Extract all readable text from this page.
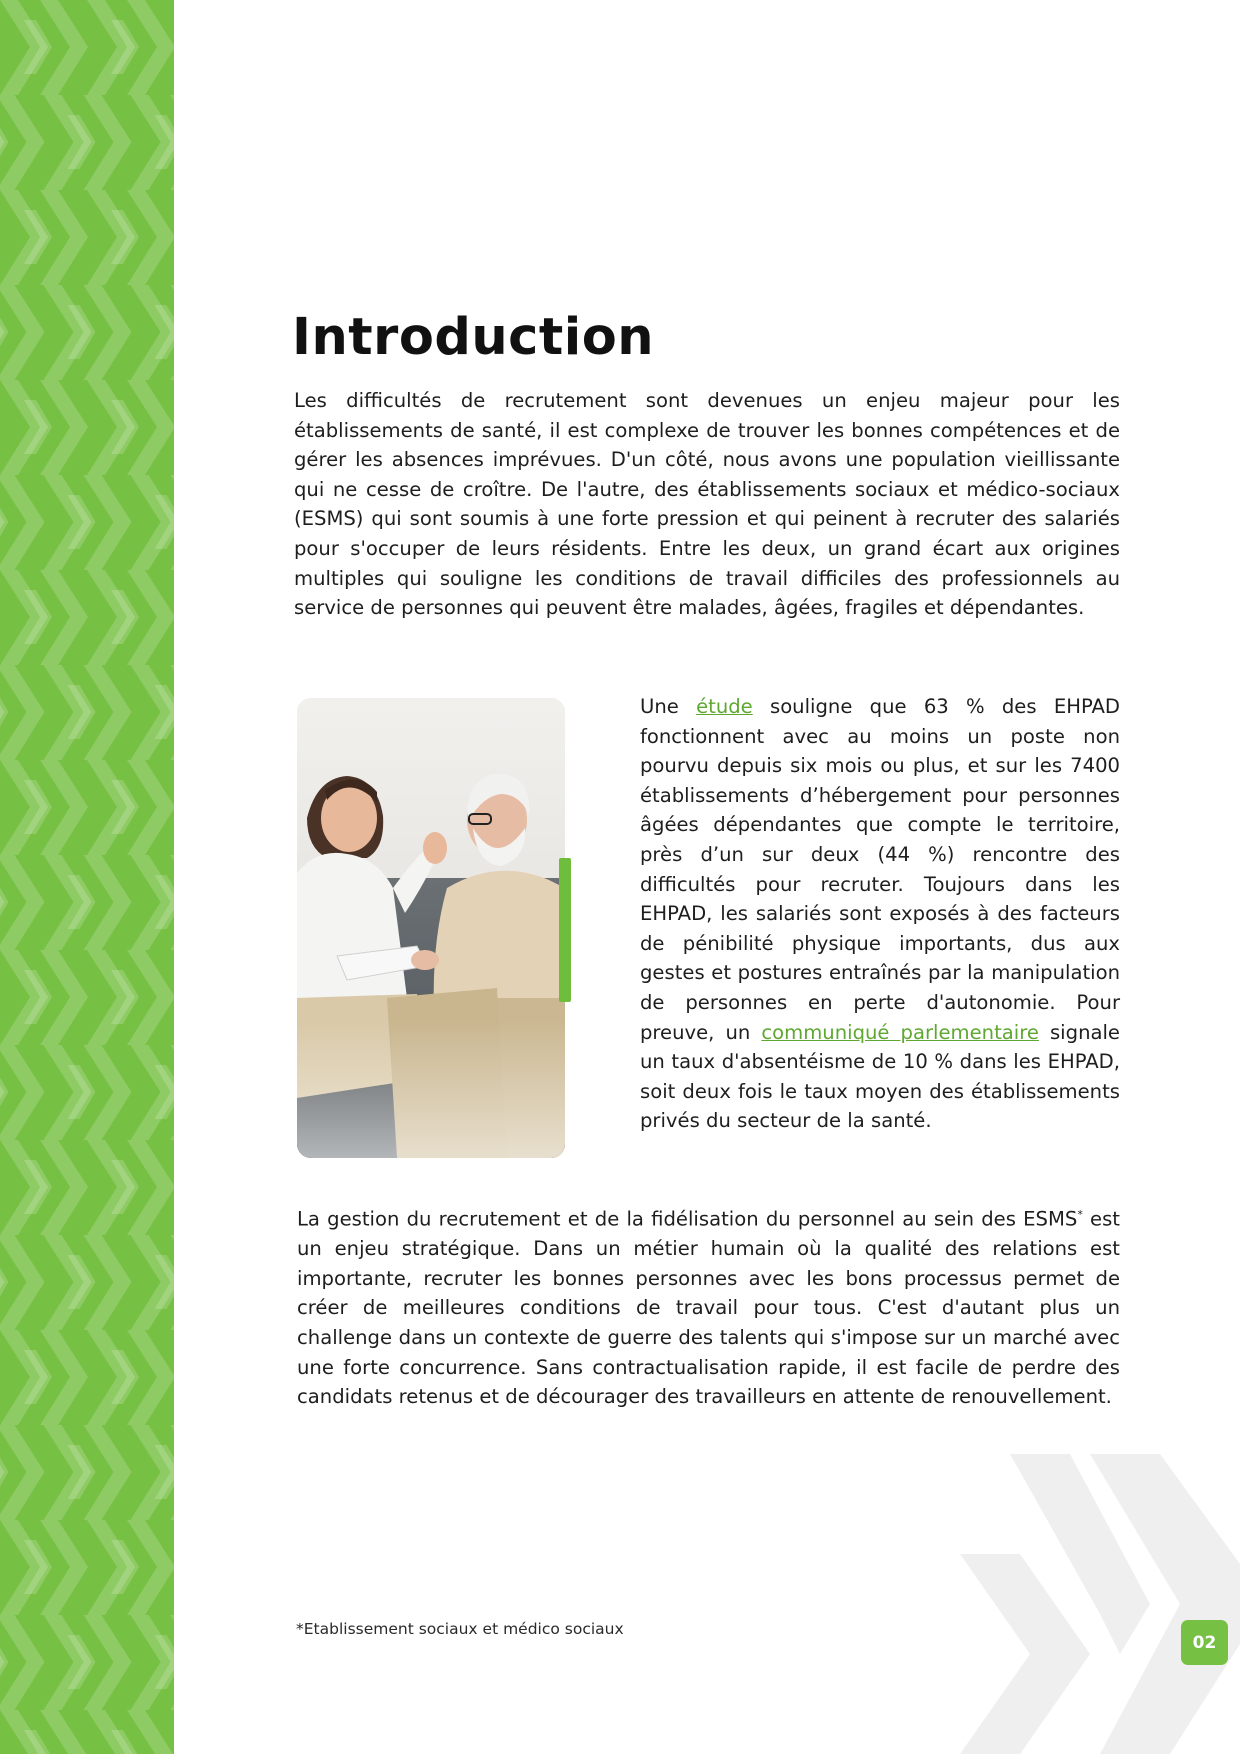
Introduction

Les difficultés de recrutement sont devenues un enjeu majeur pour les établissements de santé, il est complexe de trouver les bonnes compétences et de gérer les absences imprévues. D'un côté, nous avons une population vieillissante qui ne cesse de croître. De l'autre, des établissements sociaux et médico-sociaux (ESMS) qui sont soumis à une forte pression et qui peinent à recruter des salariés pour s'occuper de leurs résidents. Entre les deux, un grand écart aux origines multiples qui souligne les conditions de travail difficiles des professionnels au service de personnes qui peuvent être malades, âgées, fragiles et dépendantes.

Une étude souligne que 63 % des EHPAD fonctionnent avec au moins un poste non pourvu depuis six mois ou plus, et sur les 7400 établissements d’hébergement pour personnes âgées dépendantes que compte le territoire, près d’un sur deux (44 %) rencontre des difficultés pour recruter. Toujours dans les EHPAD, les salariés sont exposés à des facteurs de pénibilité physique importants, dus aux gestes et postures entraînés par la manipulation de personnes en perte d'autonomie. Pour preuve, un communiqué parlementaire signale un taux d'absentéisme de 10 % dans les EHPAD, soit deux fois le taux moyen des établissements privés du secteur de la santé.

La gestion du recrutement et de la fidélisation du personnel au sein des ESMS* est un enjeu stratégique. Dans un métier humain où la qualité des relations est importante, recruter les bonnes personnes avec les bons processus permet de créer de meilleures conditions de travail pour tous. C'est d'autant plus un challenge dans un contexte de guerre des talents qui s'impose sur un marché avec une forte concurrence. Sans contractualisation rapide, il est facile de perdre des candidats retenus et de décourager des travailleurs en attente de renouvellement.

*Etablissement sociaux et médico sociaux

02
